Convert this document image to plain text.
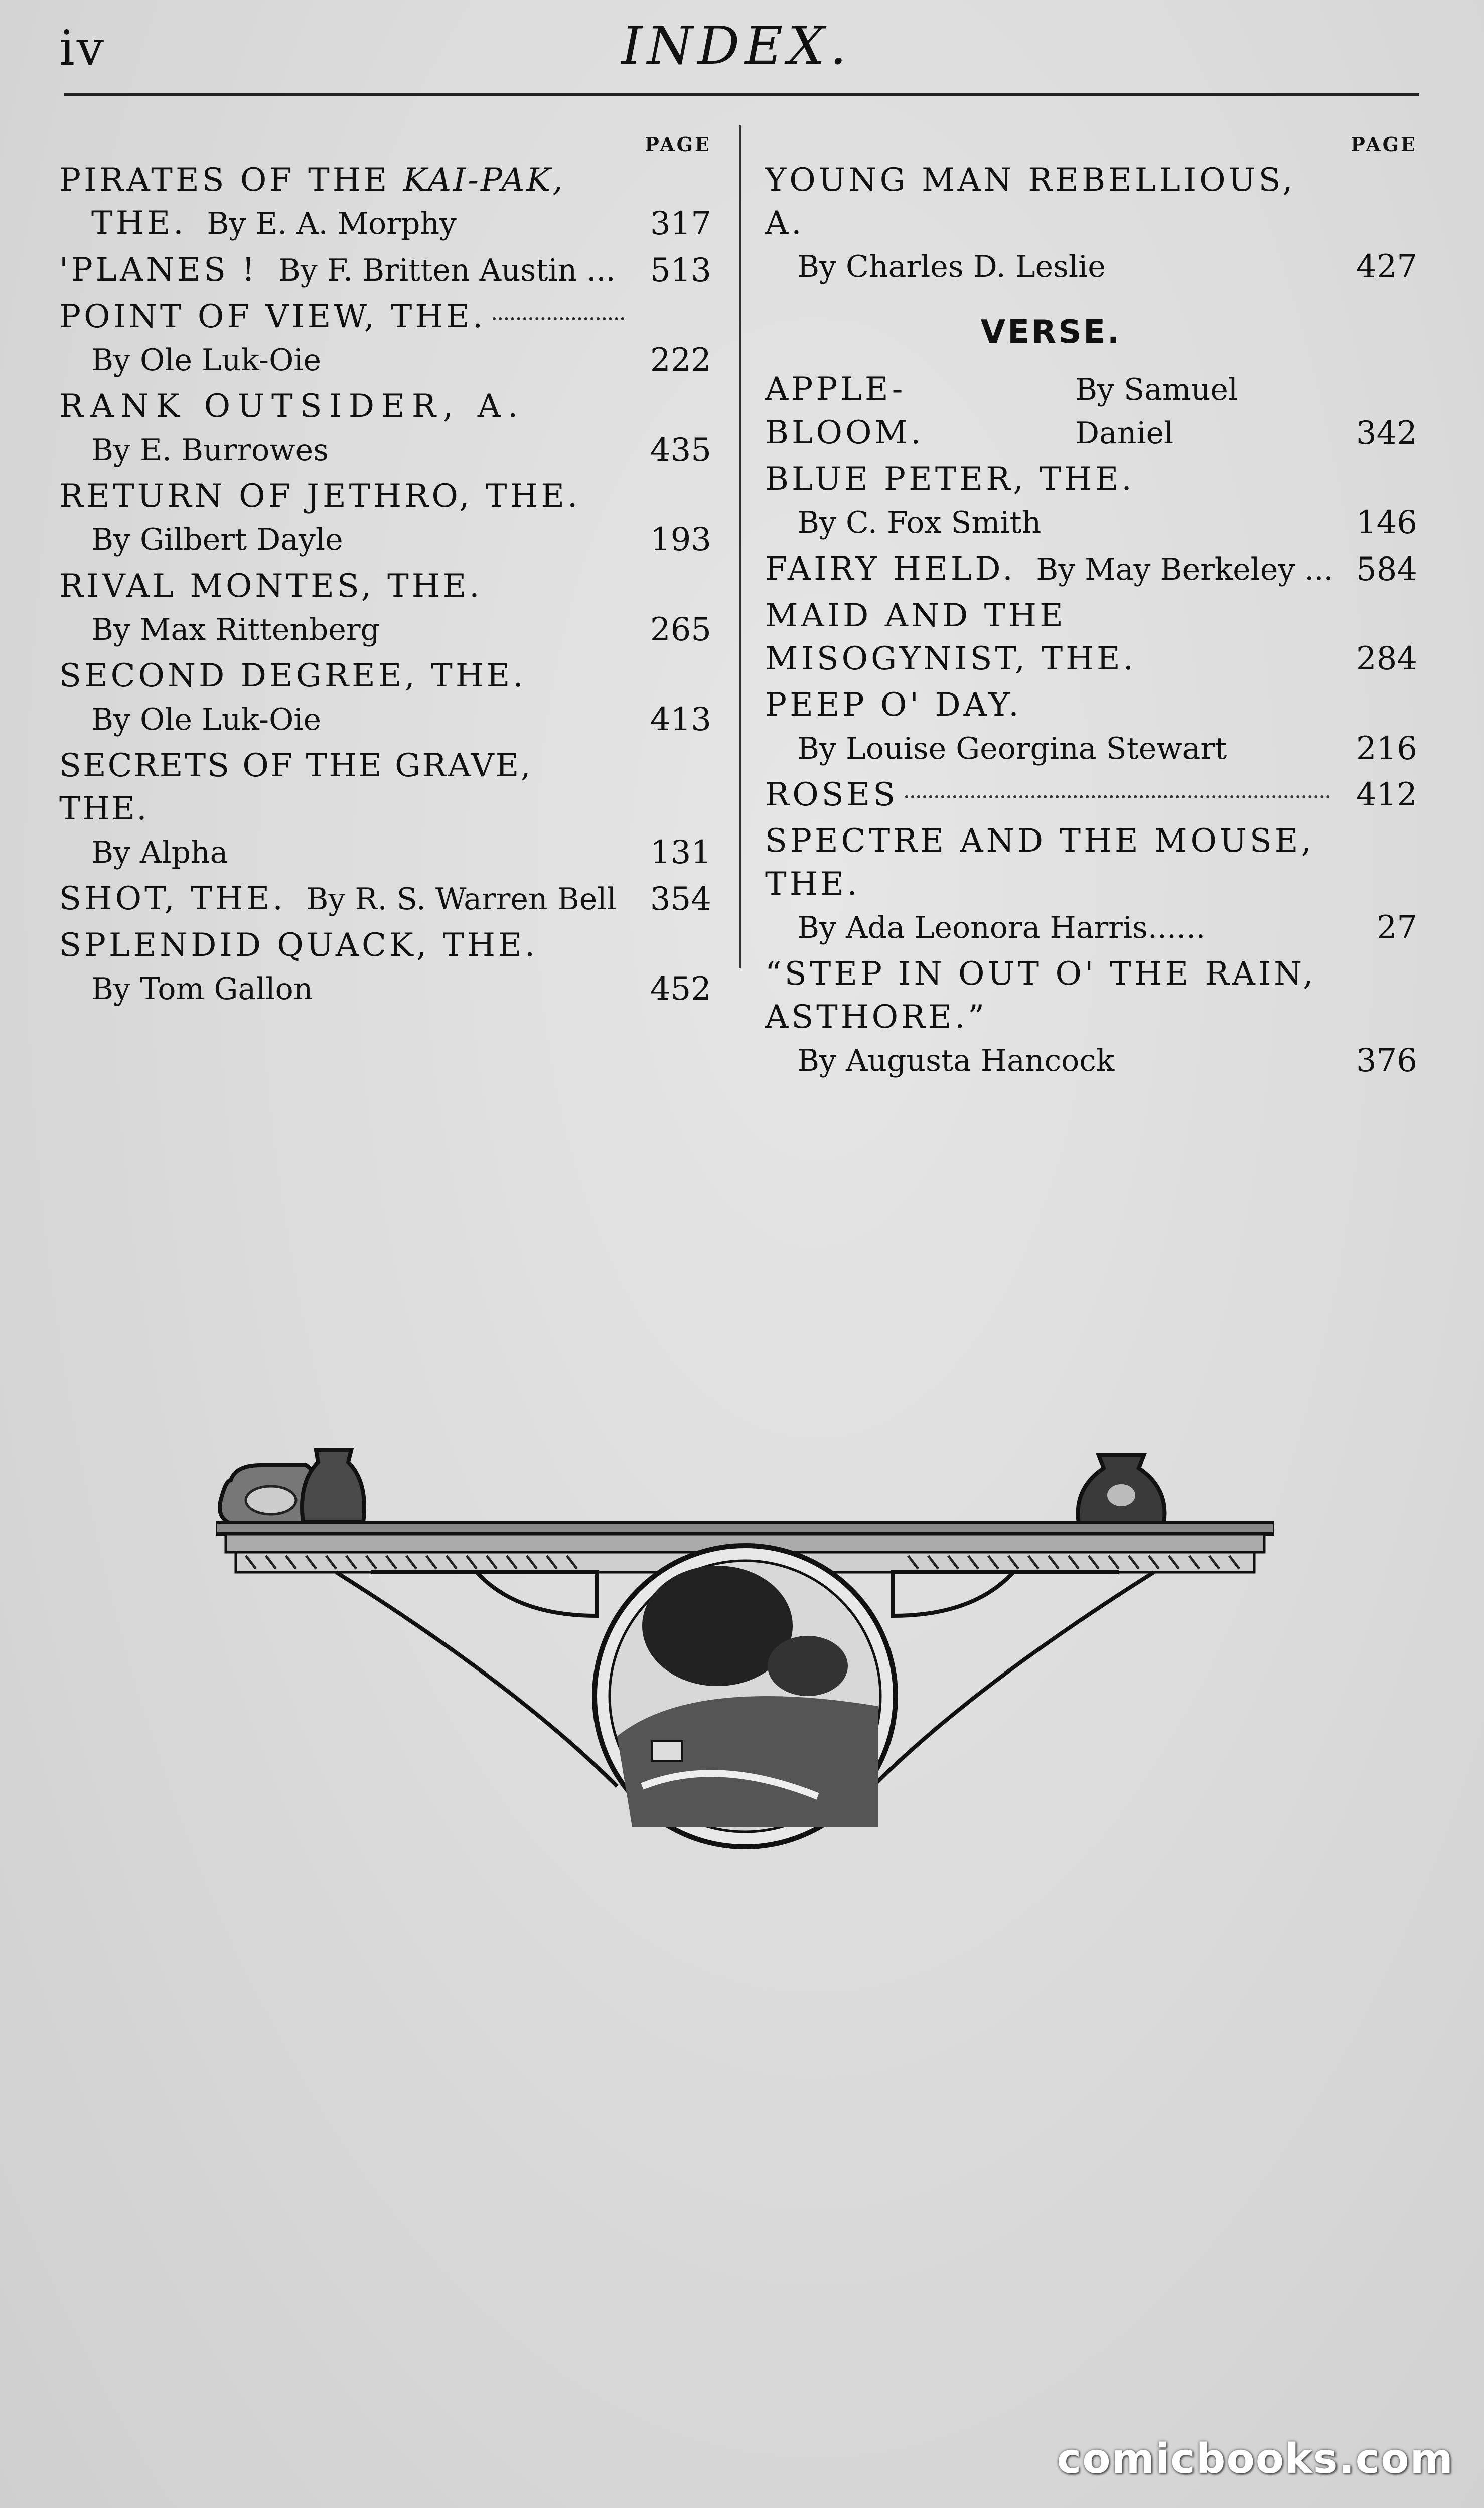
iv	INDEX.
PAGE
PIRATES OF THE KAI-PAK,
THE. By E. A. Morphy	317
'PLANES !
By F. Britten Austin ...	513
POINT OF VIEW, THE.
By Ole Luk-Oie	222
RANK OUTSIDER, A.
By E. Burrowes	435
RETURN OF JETHRO, THE.
By Gilbert Dayle	193
RIVAL MONTES, THE.
By Max Rittenberg	265
SECOND DEGREE, THE.
By Ole Luk-Oie	413
SECRETS OF THE GRAVE, THE.
By Alpha	131
SHOT, THE.
By R. S. Warren Bell	354
SPLENDID QUACK, THE.
By Tom Gallon	452
PAGE
YOUNG MAN REBELLIOUS, A.
By Charles D. Leslie	427
VERSE.
APPLE-BLOOM.

By Samuel Daniel	342
BLUE PETER, THE.
By C. Fox Smith	146
FAIRY HELD.
By May Berkeley ... 584
MAID AND THE MISOGYNIST, THE.	284
PEEP O' DAY.
By Louise Georgina Stewart	216
ROSES	412
SPECTRE AND THE MOUSE, THE.
By Ada Leonora Harris......	27
“STEP IN OUT O' THE RAIN, ASTHORE.”
By Augusta Hancock	376
comicbooks.com
